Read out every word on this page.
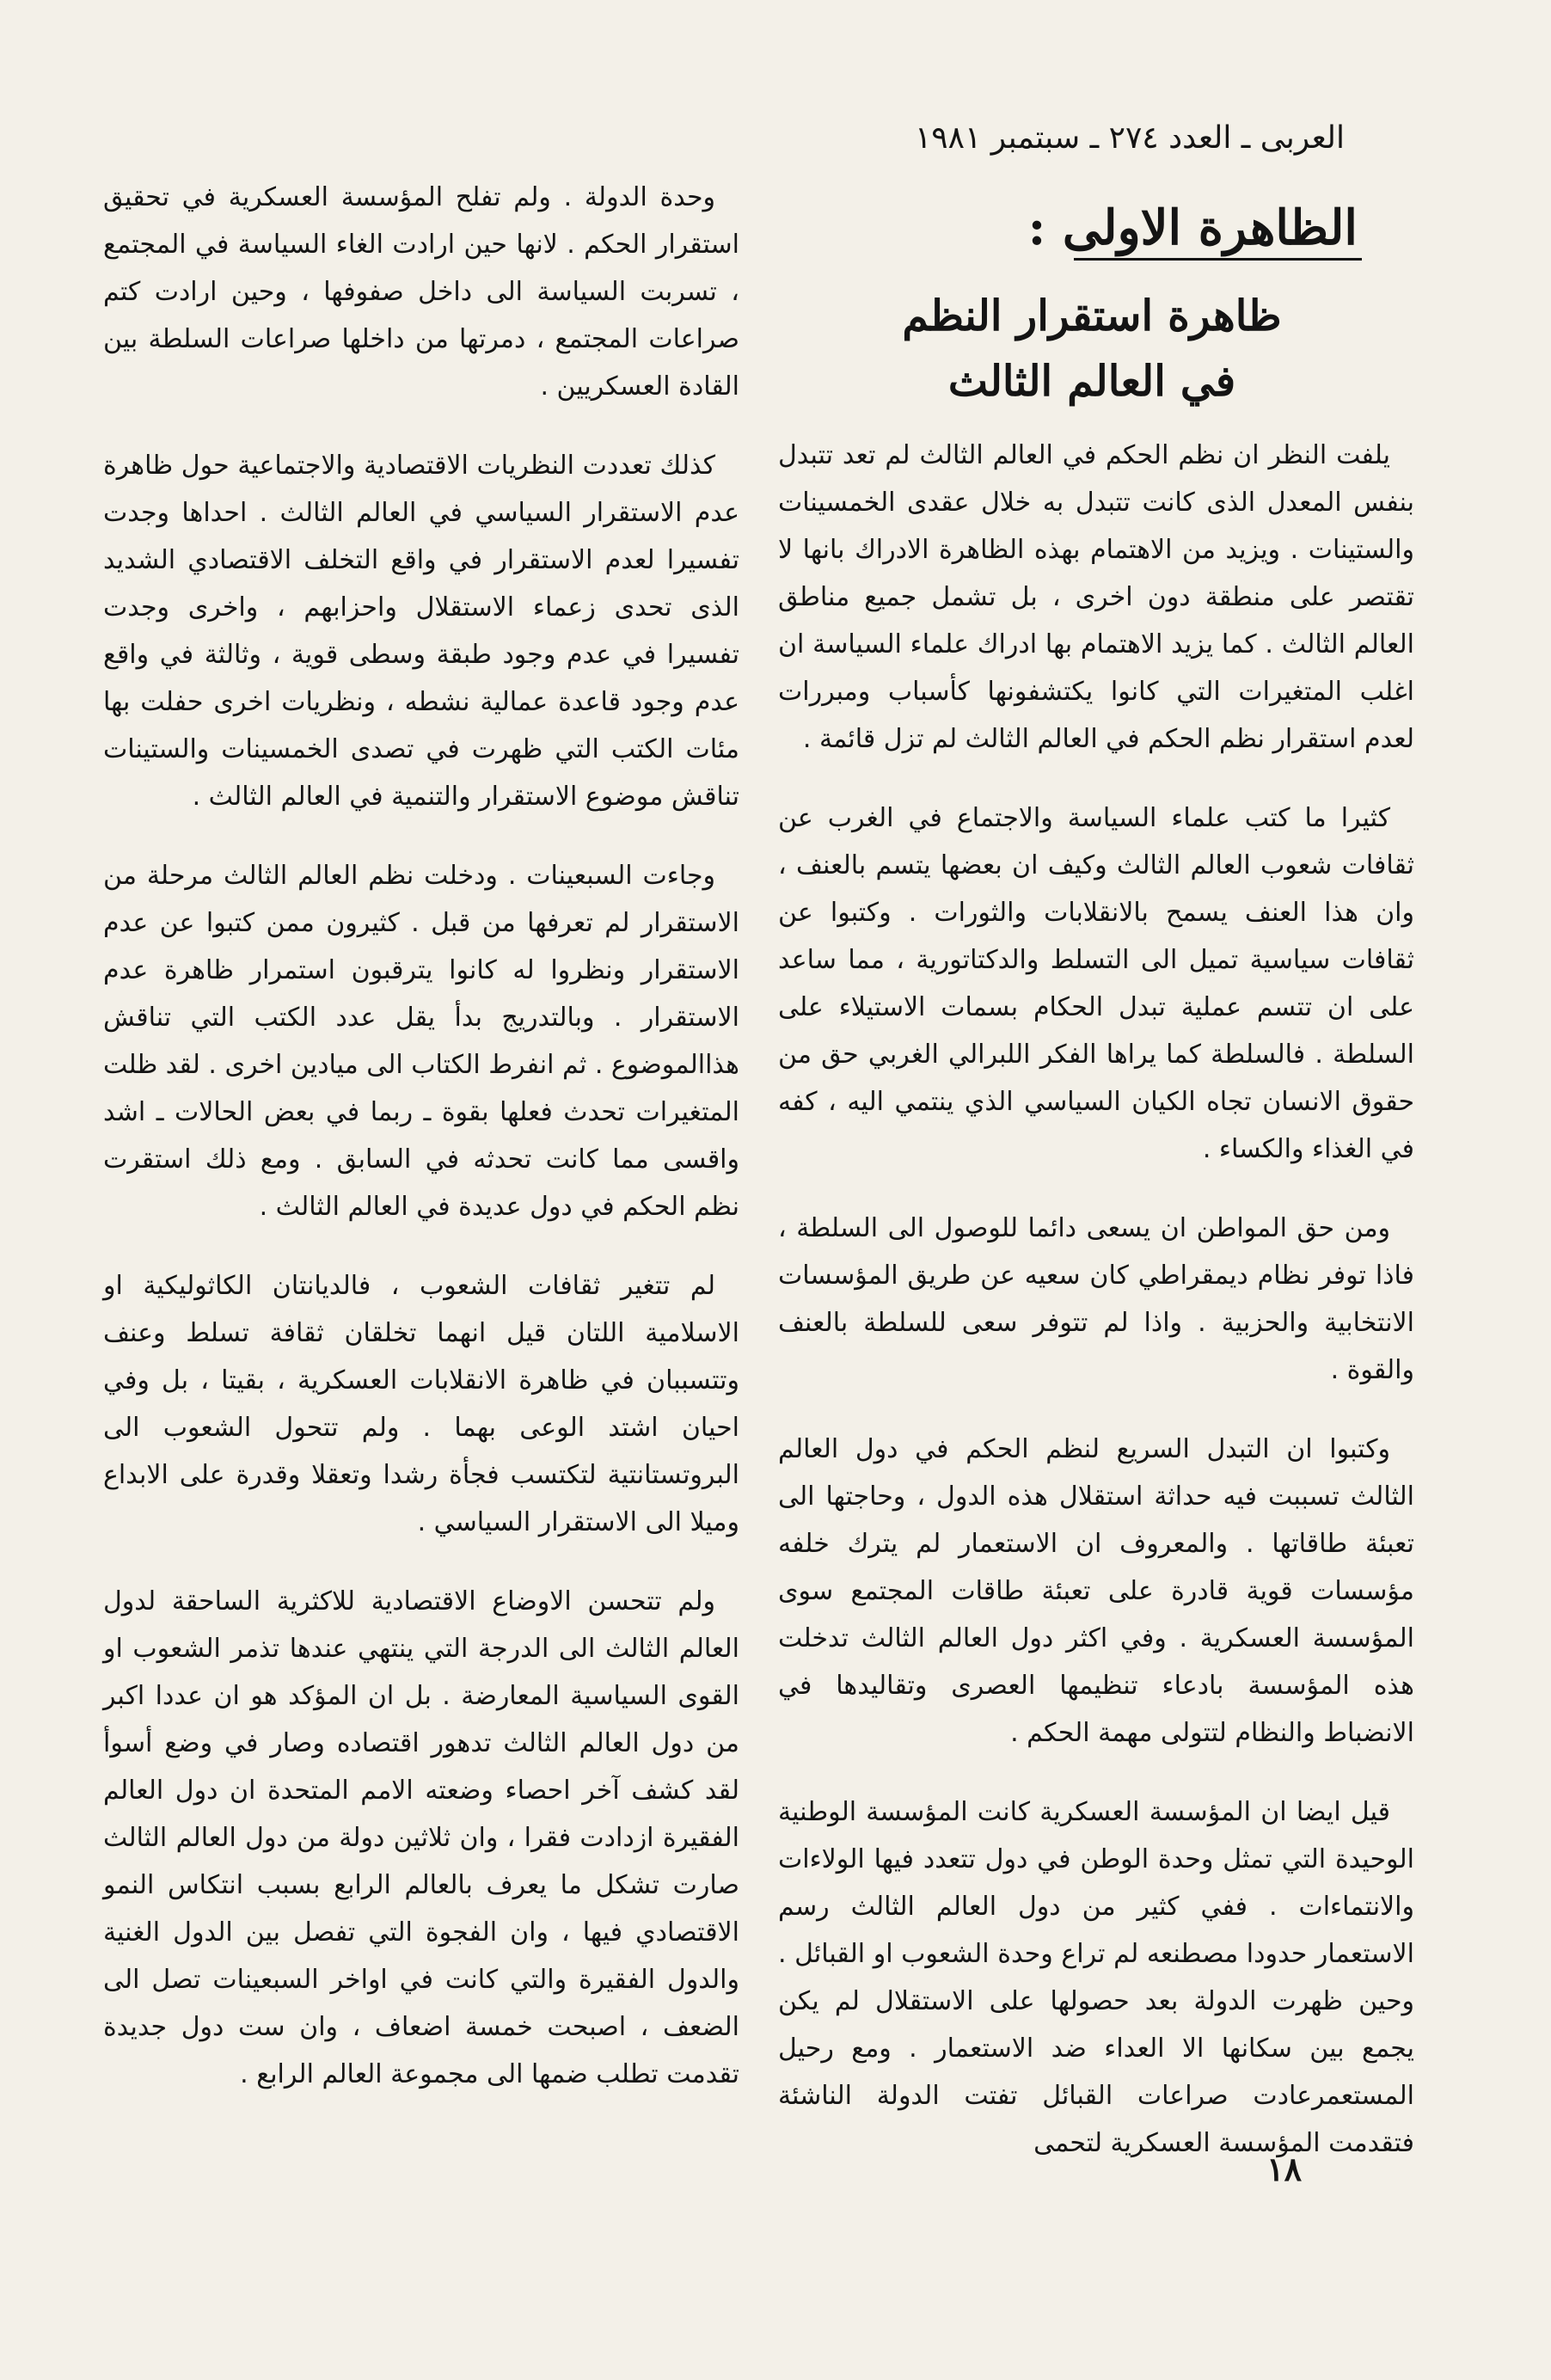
العربى ـ العدد ٢٧٤ ـ سبتمبر ١٩٨١
الظاهرة الاولى :
ظاهرة استقرار النظم
في العالم الثالث

يلفت النظر ان نظم الحكم في العالم الثالث لم تعد تتبدل بنفس المعدل الذى كانت تتبدل به خلال عقدى الخمسينات والستينات . ويزيد من الاهتمام بهذه الظاهرة الادراك بانها لا تقتصر على منطقة دون اخرى ، بل تشمل جميع مناطق العالم الثالث . كما يزيد الاهتمام بها ادراك علماء السياسة ان اغلب المتغيرات التي كانوا يكتشفونها كأسباب ومبررات لعدم استقرار نظم الحكم في العالم الثالث لم تزل قائمة .

كثيرا ما كتب علماء السياسة والاجتماع في الغرب عن ثقافات شعوب العالم الثالث وكيف ان بعضها يتسم بالعنف ، وان هذا العنف يسمح بالانقلابات والثورات . وكتبوا عن ثقافات سياسية تميل الى التسلط والدكتاتورية ، مما ساعد على ان تتسم عملية تبدل الحكام بسمات الاستيلاء على السلطة . فالسلطة كما يراها الفكر اللبرالي الغربي حق من حقوق الانسان تجاه الكيان السياسي الذي ينتمي اليه ، كفه في الغذاء والكساء .

ومن حق المواطن ان يسعى دائما للوصول الى السلطة ، فاذا توفر نظام ديمقراطي كان سعيه عن طريق المؤسسات الانتخابية والحزبية . واذا لم تتوفر سعى للسلطة بالعنف والقوة .

وكتبوا ان التبدل السريع لنظم الحكم في دول العالم الثالث تسببت فيه حداثة استقلال هذه الدول ، وحاجتها الى تعبئة طاقاتها . والمعروف ان الاستعمار لم يترك خلفه مؤسسات قوية قادرة على تعبئة طاقات المجتمع سوى المؤسسة العسكرية . وفي اكثر دول العالم الثالث تدخلت هذه المؤسسة بادعاء تنظيمها العصرى وتقاليدها في الانضباط والنظام لتتولى مهمة الحكم .

قيل ايضا ان المؤسسة العسكرية كانت المؤسسة الوطنية الوحيدة التي تمثل وحدة الوطن في دول تتعدد فيها الولاءات والانتماءات . ففي كثير من دول العالم الثالث رسم الاستعمار حدودا مصطنعه لم تراع وحدة الشعوب او القبائل . وحين ظهرت الدولة بعد حصولها على الاستقلال لم يكن يجمع بين سكانها الا العداء ضد الاستعمار . ومع رحيل المستعمرعادت صراعات القبائل تفتت الدولة الناشئة فتقدمت المؤسسة العسكرية لتحمى

وحدة الدولة . ولم تفلح المؤسسة العسكرية في تحقيق استقرار الحكم . لانها حين ارادت الغاء السياسة في المجتمع ، تسربت السياسة الى داخل صفوفها ، وحين ارادت كتم صراعات المجتمع ، دمرتها من داخلها صراعات السلطة بين القادة العسكريين .

كذلك تعددت النظريات الاقتصادية والاجتماعية حول ظاهرة عدم الاستقرار السياسي في العالم الثالث . احداها وجدت تفسيرا لعدم الاستقرار في واقع التخلف الاقتصادي الشديد الذى تحدى زعماء الاستقلال واحزابهم ، واخرى وجدت تفسيرا في عدم وجود طبقة وسطى قوية ، وثالثة في واقع عدم وجود قاعدة عمالية نشطه ، ونظريات اخرى حفلت بها مئات الكتب التي ظهرت في تصدى الخمسينات والستينات تناقش موضوع الاستقرار والتنمية في العالم الثالث .

وجاءت السبعينات . ودخلت نظم العالم الثالث مرحلة من الاستقرار لم تعرفها من قبل . كثيرون ممن كتبوا عن عدم الاستقرار ونظروا له كانوا يترقبون استمرار ظاهرة عدم الاستقرار . وبالتدريج بدأ يقل عدد الكتب التي تناقش هذاالموضوع . ثم انفرط الكتاب الى ميادين اخرى . لقد ظلت المتغيرات تحدث فعلها بقوة ـ ربما في بعض الحالات ـ اشد واقسى مما كانت تحدثه في السابق . ومع ذلك استقرت نظم الحكم في دول عديدة في العالم الثالث .

لم تتغير ثقافات الشعوب ، فالديانتان الكاثوليكية او الاسلامية اللتان قيل انهما تخلقان ثقافة تسلط وعنف وتتسببان في ظاهرة الانقلابات العسكرية ، بقيتا ، بل وفي احيان اشتد الوعى بهما . ولم تتحول الشعوب الى البروتستانتية لتكتسب فجأة رشدا وتعقلا وقدرة على الابداع وميلا الى الاستقرار السياسي .

ولم تتحسن الاوضاع الاقتصادية للاكثرية الساحقة لدول العالم الثالث الى الدرجة التي ينتهي عندها تذمر الشعوب او القوى السياسية المعارضة . بل ان المؤكد هو ان عددا اكبر من دول العالم الثالث تدهور اقتصاده وصار في وضع أسوأ لقد كشف آخر احصاء وضعته الامم المتحدة ان دول العالم الفقيرة ازدادت فقرا ، وان ثلاثين دولة من دول العالم الثالث صارت تشكل ما يعرف بالعالم الرابع بسبب انتكاس النمو الاقتصادي فيها ، وان الفجوة التي تفصل بين الدول الغنية والدول الفقيرة والتي كانت في اواخر السبعينات تصل الى الضعف ، اصبحت خمسة اضعاف ، وان ست دول جديدة تقدمت تطلب ضمها الى مجموعة العالم الرابع .

١٨
